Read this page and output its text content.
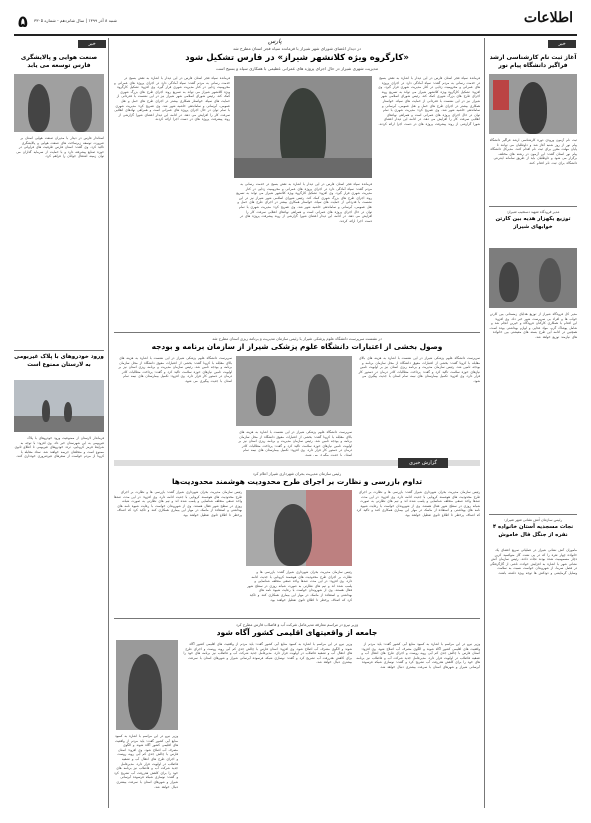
۵ شنبه ۸ آذر ۱۳۹۹ | سال شانزدهم - شماره ۳۳۰۵	اطلاعات
پارس	خبر
آغاز ثبت نام کارشناسی ارشد فراگیر دانشگاه پیام نور
ثبت نام آزمون ورودی دوره کارشناسی ارشد فراگیر دانشگاه پیام نور از روز شنبه آغاز شد و داوطلبان می توانند تا پایان مهلت مقرر برای ثبت نام اقدام کنند. مدیرکل دانشگاه پیام نور استان گفت: این آزمون در رشته های مختلف برگزار می شود و داوطلبان باید از طریق سامانه اینترنتی دانشگاه برای ثبت نام اقدام کنند.
مدیر فرودگاه شهید دستغیب شیراز:
توزیع یکهزار هدیه بین کارتن خوابهای شیراز
مدیر کل فرودگاه شیراز از توزیع هدایای زمستانی بین کارتن خواب ها و افراد بی سرپرست شهر خبر داد. وی افزود: این اقدام با همکاری کارکنان فرودگاه و خیرین انجام شد و شامل پوشاک گرم، مواد غذایی و لوازم بهداشتی بوده است. همچنین در ادامه این طرح بسته های معیشتی بین خانواده های نیازمند توزیع خواهد شد.
رئیس سازمان آتش نشانی شهر شیراز:
نجات مسجدیه آستان خانواده ۴ نفره از جنگل فال خاموش
ماموران آتش نشانی شیراز در عملیاتی سریع اعضای یک خانواده چهار نفره را که در پی نشت گاز منوکسید کربن دچار مسمومیت شده بودند نجات دادند. رئیس سازمان آتش نشانی شهر با اشاره به افزایش حوادث ناشی از گازگرفتگی در فصل سرما، از شهروندان خواست نسبت به سلامت وسایل گرمایشی و دودکش ها توجه ویژه داشته باشند.
خبر
صنعت هوایی و پالایشگری فارس توسعه می یابد
استاندار فارس در دیدار با مدیران صنعت هوایی استان بر ضرورت توسعه زیرساخت های صنعت هوایی و پالایشگری تاکید کرد. وی گفت: استان فارس ظرفیت های فراوانی در حوزه صنایع پیشرفته دارد و با حمایت از سرمایه گذاران می توان زمینه اشتغال جوانان را فراهم کرد.
ورود خودروهای با پلاک غیربومی به لارستان ممنوع است
فرماندار لارستان از ممنوعیت ورود خودروهای با پلاک غیربومی به این شهرستان خبر داد. وی افزود: با توجه به شرایط قرمز کرونایی، تردد خودروهای غیربومی تا اطلاع ثانوی ممنوع است و متخلفان جریمه خواهند شد. ستاد مقابله با کرونا از مردم خواست از سفرهای غیرضروری خودداری کنند.
در دیدار اعضای شورای شهر شیراز با فرمانده سپاه فجر استان مطرح شد
«کارگروه ویژه کلانشهر شیراز» در فارس تشکیل شود
مدیریت شهری شیراز در حال اجرای پروژه های عمرانی عظیمی با همکاری سپاه و بسیج است
فرمانده سپاه فجر استان فارس در این دیدار با اشاره به نقش بسیج در خدمت رسانی به مردم گفت: سپاه آمادگی دارد در اجرای پروژه های عمرانی و محرومیت زدایی در کنار مدیریت شهری قرار گیرد. وی افزود: تشکیل کارگروه ویژه کلانشهر شیراز می تواند به تسریع روند اجرای طرح های بزرگ شهری کمک کند. رئیس شورای اسلامی شهر شیراز نیز در این نشست با قدردانی از حمایت های سپاه، خواستار همکاری بیشتر در اجرای طرح های حمل و نقل عمومی، آبرسانی و ساماندهی حاشیه شهر شد. وی تصریح کرد: مدیریت شهری با تمام توان در حال اجرای پروژه های عمرانی است و همراهی نهادهای انقلابی سرعت کار را افزایش می دهد. در ادامه این دیدار اعضای شورا گزارشی از روند پیشرفت پروژه های در دست اجرا ارائه کردند.
فرمانده سپاه فجر استان فارس در این دیدار با اشاره به نقش بسیج در خدمت رسانی به مردم گفت: سپاه آمادگی دارد در اجرای پروژه های عمرانی و محرومیت زدایی در کنار مدیریت شهری قرار گیرد. وی افزود: تشکیل کارگروه ویژه کلانشهر شیراز می تواند به تسریع روند اجرای طرح های بزرگ شهری کمک کند. رئیس شورای اسلامی شهر شیراز نیز در این نشست با قدردانی از حمایت های سپاه، خواستار همکاری بیشتر در اجرای طرح های حمل و نقل عمومی، آبرسانی و ساماندهی حاشیه شهر شد. وی تصریح کرد: مدیریت شهری با تمام توان در حال اجرای پروژه های عمرانی است و همراهی نهادهای انقلابی سرعت کار را افزایش می دهد. در ادامه این دیدار اعضای شورا گزارشی از روند پیشرفت پروژه های در دست اجرا ارائه کردند.
فرمانده سپاه فجر استان فارس در این دیدار با اشاره به نقش بسیج در خدمت رسانی به مردم گفت: سپاه آمادگی دارد در اجرای پروژه های عمرانی و محرومیت زدایی در کنار مدیریت شهری قرار گیرد. وی افزود: تشکیل کارگروه ویژه کلانشهر شیراز می تواند به تسریع روند اجرای طرح های بزرگ شهری کمک کند. رئیس شورای اسلامی شهر شیراز نیز در این نشست با قدردانی از حمایت های سپاه، خواستار همکاری بیشتر در اجرای طرح های حمل و نقل عمومی، آبرسانی و ساماندهی حاشیه شهر شد. وی تصریح کرد: مدیریت شهری با تمام توان در حال اجرای پروژه های عمرانی است و همراهی نهادهای انقلابی سرعت کار را افزایش می دهد. در ادامه این دیدار اعضای شورا گزارشی از روند پیشرفت پروژه های در دست اجرا ارائه کردند.
در نشست سرپرست دانشگاه علوم پزشکی شیراز با رئیس سازمان مدیریت و برنامه ریزی استان مطرح شد
وصول بخشی از اعتبارات دانشگاه علوم پزشکی شیراز از سازمان برنامه و بودجه
سرپرست دانشگاه علوم پزشکی شیراز در این نشست با اشاره به هزینه های بالای مقابله با کرونا گفت: بخشی از اعتبارات معوق دانشگاه از محل سازمان برنامه و بودجه تامین شد. رئیس سازمان مدیریت و برنامه ریزی استان نیز بر اولویت تامین نیازهای حوزه سلامت تاکید کرد و گفت: پرداخت مطالبات کادر درمان در دستور کار قرار دارد. وی افزود: تکمیل بیمارستان های نیمه تمام استان با جدیت پیگیری می شود.
سرپرست دانشگاه علوم پزشکی شیراز در این نشست با اشاره به هزینه های بالای مقابله با کرونا گفت: بخشی از اعتبارات معوق دانشگاه از محل سازمان برنامه و بودجه تامین شد. رئیس سازمان مدیریت و برنامه ریزی استان نیز بر اولویت تامین نیازهای حوزه سلامت تاکید کرد و گفت: پرداخت مطالبات کادر درمان در دستور کار قرار دارد. وی افزود: تکمیل بیمارستان های نیمه تمام استان با جدیت پیگیری می شود.
سرپرست دانشگاه علوم پزشکی شیراز در این نشست با اشاره به هزینه های بالای مقابله با کرونا گفت: بخشی از اعتبارات معوق دانشگاه از محل سازمان برنامه و بودجه تامین شد. رئیس سازمان مدیریت و برنامه ریزی استان نیز بر اولویت تامین نیازهای حوزه سلامت تاکید کرد و گفت: پرداخت مطالبات کادر درمان در دستور کار قرار دارد. وی افزود: تکمیل بیمارستان های نیمه تمام استان با جدیت پیگیری می شود.
گزارش خبری
رئیس سازمان مدیریت بحران شهرداری شیراز اعلام کرد
تداوم بازرسی و نظارت بر اجرای طرح محدودیت هوشمند محدودیت‌ها
رئیس سازمان مدیریت بحران شهرداری شیراز گفت: بازرسی ها و نظارت بر اجرای طرح محدودیت های هوشمند کرونایی با جدیت ادامه دارد. وی افزود: در این مدت صدها واحد صنفی متخلف شناسایی و پلمب شده اند و تیم های نظارتی به صورت شبانه روزی در سطح شهر فعال هستند. وی از شهروندان خواست با رعایت شیوه نامه های بهداشتی و استفاده از ماسک در مهار این بیماری همکاری کنند و تاکید کرد که اصناف پرخطر تا اطلاع ثانوی تعطیل خواهند بود.
رئیس سازمان مدیریت بحران شهرداری شیراز گفت: بازرسی ها و نظارت بر اجرای طرح محدودیت های هوشمند کرونایی با جدیت ادامه دارد. وی افزود: در این مدت صدها واحد صنفی متخلف شناسایی و پلمب شده اند و تیم های نظارتی به صورت شبانه روزی در سطح شهر فعال هستند. وی از شهروندان خواست با رعایت شیوه نامه های بهداشتی و استفاده از ماسک در مهار این بیماری همکاری کنند و تاکید کرد که اصناف پرخطر تا اطلاع ثانوی تعطیل خواهند بود.
رئیس سازمان مدیریت بحران شهرداری شیراز گفت: بازرسی ها و نظارت بر اجرای طرح محدودیت های هوشمند کرونایی با جدیت ادامه دارد. وی افزود: در این مدت صدها واحد صنفی متخلف شناسایی و پلمب شده اند و تیم های نظارتی به صورت شبانه روزی در سطح شهر فعال هستند. وی از شهروندان خواست با رعایت شیوه نامه های بهداشتی و استفاده از ماسک در مهار این بیماری همکاری کنند و تاکید کرد که اصناف پرخطر تا اطلاع ثانوی تعطیل خواهند بود.
وزیر نیرو در مراسم معارفه مدیرعامل شرکت آب و فاضلاب فارس مطرح کرد
جامعه از واقعیتهای اقلیمی کشور آگاه شود
وزیر نیرو در این مراسم با اشاره به کمبود منابع آبی کشور گفت: باید مردم از واقعیت های اقلیمی کشور آگاه شوند و الگوی مصرف آب اصلاح شود. وی افزود: استان فارس با چالش جدی کم آبی روبه روست و اجرای طرح های انتقال آب و تصفیه فاضلاب در اولویت قرار دارد. مدیرعامل جدید شرکت آب و فاضلاب نیز برنامه های خود را برای کاهش هدررفت آب تشریح کرد و گفت: نوسازی شبکه فرسوده آبرسانی شیراز و شهرهای استان با سرعت بیشتری دنبال خواهد شد.
وزیر نیرو در این مراسم با اشاره به کمبود منابع آبی کشور گفت: باید مردم از واقعیت های اقلیمی کشور آگاه شوند و الگوی مصرف آب اصلاح شود. وی افزود: استان فارس با چالش جدی کم آبی روبه روست و اجرای طرح های انتقال آب و تصفیه فاضلاب در اولویت قرار دارد. مدیرعامل جدید شرکت آب و فاضلاب نیز برنامه های خود را برای کاهش هدررفت آب تشریح کرد و گفت: نوسازی شبکه فرسوده آبرسانی شیراز و شهرهای استان با سرعت بیشتری دنبال خواهد شد.
وزیر نیرو در این مراسم با اشاره به کمبود منابع آبی کشور گفت: باید مردم از واقعیت های اقلیمی کشور آگاه شوند و الگوی مصرف آب اصلاح شود. وی افزود: استان فارس با چالش جدی کم آبی روبه روست و اجرای طرح های انتقال آب و تصفیه فاضلاب در اولویت قرار دارد. مدیرعامل جدید شرکت آب و فاضلاب نیز برنامه های خود را برای کاهش هدررفت آب تشریح کرد و گفت: نوسازی شبکه فرسوده آبرسانی شیراز و شهرهای استان با سرعت بیشتری دنبال خواهد شد.
